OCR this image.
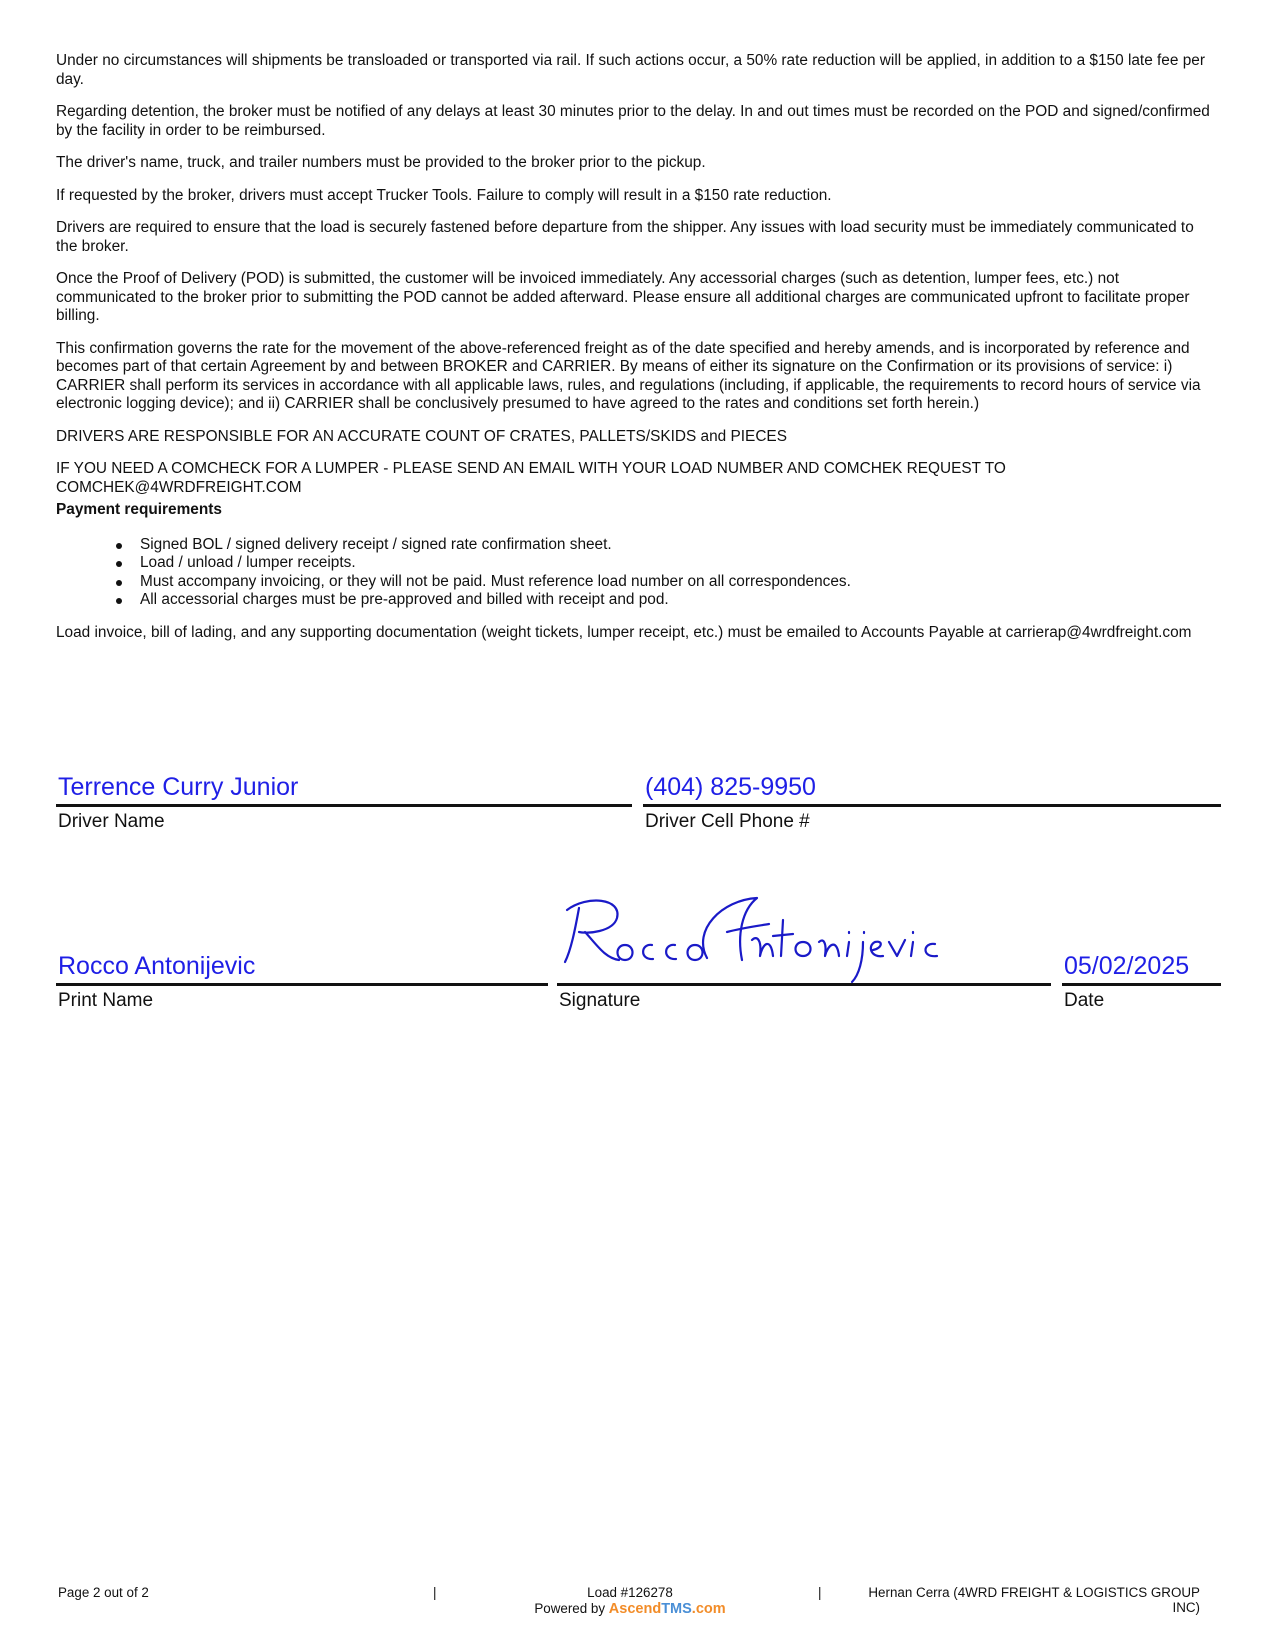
Under no circumstances will shipments be transloaded or transported via rail. If such actions occur, a 50% rate reduction will be applied, in addition to a $150 late fee per day.

Regarding detention, the broker must be notified of any delays at least 30 minutes prior to the delay. In and out times must be recorded on the POD and signed/confirmed by the facility in order to be reimbursed.

The driver's name, truck, and trailer numbers must be provided to the broker prior to the pickup.

If requested by the broker, drivers must accept Trucker Tools. Failure to comply will result in a $150 rate reduction.

Drivers are required to ensure that the load is securely fastened before departure from the shipper. Any issues with load security must be immediately communicated to the broker.

Once the Proof of Delivery (POD) is submitted, the customer will be invoiced immediately. Any accessorial charges (such as detention, lumper fees, etc.) not communicated to the broker prior to submitting the POD cannot be added afterward. Please ensure all additional charges are communicated upfront to facilitate proper billing.

This confirmation governs the rate for the movement of the above-referenced freight as of the date specified and hereby amends, and is incorporated by reference and becomes part of that certain Agreement by and between BROKER and CARRIER. By means of either its signature on the Confirmation or its provisions of service: i) CARRIER shall perform its services in accordance with all applicable laws, rules, and regulations (including, if applicable, the requirements to record hours of service via electronic logging device); and ii) CARRIER shall be conclusively presumed to have agreed to the rates and conditions set forth herein.)

DRIVERS ARE RESPONSIBLE FOR AN ACCURATE COUNT OF CRATES, PALLETS/SKIDS and PIECES

IF YOU NEED A COMCHECK FOR A LUMPER - PLEASE SEND AN EMAIL WITH YOUR LOAD NUMBER AND COMCHEK REQUEST TO COMCHEK@4WRDFREIGHT.COM

Payment requirements

Signed BOL / signed delivery receipt / signed rate confirmation sheet.
Load / unload / lumper receipts.
Must accompany invoicing, or they will not be paid. Must reference load number on all correspondences.
All accessorial charges must be pre-approved and billed with receipt and pod.

Load invoice, bill of lading, and any supporting documentation (weight tickets, lumper receipt, etc.) must be emailed to Accounts Payable at carrierap@4wrdfreight.com

Terrence Curry Junior
Driver Name
(404) 825-9950
Driver Cell Phone #
Rocco Antonijevic
Print Name	Signature
05/02/2025
Date
Page 2 out of 2	|	Load #126278
Powered by AscendTMS.com
|	Hernan Cerra (4WRD FREIGHT & LOGISTICS GROUP INC)
